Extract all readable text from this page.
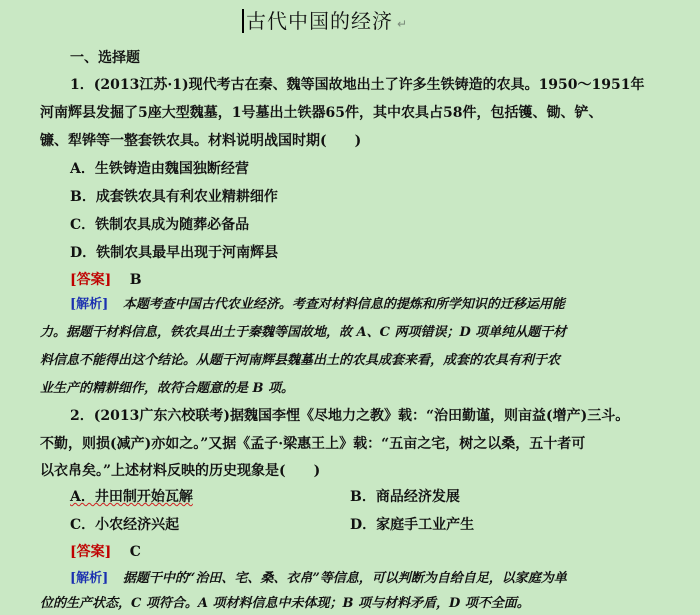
古代中国的经济 ↵
一、选择题
1．(2013江苏·1)现代考古在秦、魏等国故地出土了许多生铁铸造的农具。1950～1951年
河南辉县发掘了5座大型魏墓，1号墓出土铁器65件，其中农具占58件，包括镬、锄、铲、
镰、犁铧等一整套铁农具。材料说明战国时期(　　)
A．生铁铸造由魏国独断经营
B．成套铁农具有利农业精耕细作
C．铁制农具成为随葬必备品
D．铁制农具最早出现于河南辉县
[答案] B
[解析] 本题考查中国古代农业经济。考查对材料信息的提炼和所学知识的迁移运用能
力。据题干材料信息，铁农具出土于秦魏等国故地，故 A、C 两项错误；D 项单纯从题干材
料信息不能得出这个结论。从题干河南辉县魏墓出土的农具成套来看，成套的农具有利于农
业生产的精耕细作，故符合题意的是 B 项。
2．(2013广东六校联考)据魏国李悝《尽地力之教》载：“治田勤谨，则亩益(增产)三斗。
不勤，则损(减产)亦如之。”又据《孟子·梁惠王上》载：“五亩之宅，树之以桑，五十者可
以衣帛矣。”上述材料反映的历史现象是(　　)
A．井田制开始瓦解	B．商品经济发展
C．小农经济兴起	D．家庭手工业产生
[答案] C
[解析] 据题干中的“治田、宅、桑、衣帛”等信息，可以判断为自给自足，以家庭为单
位的生产状态，C 项符合。A 项材料信息中未体现；B 项与材料矛盾，D 项不全面。
